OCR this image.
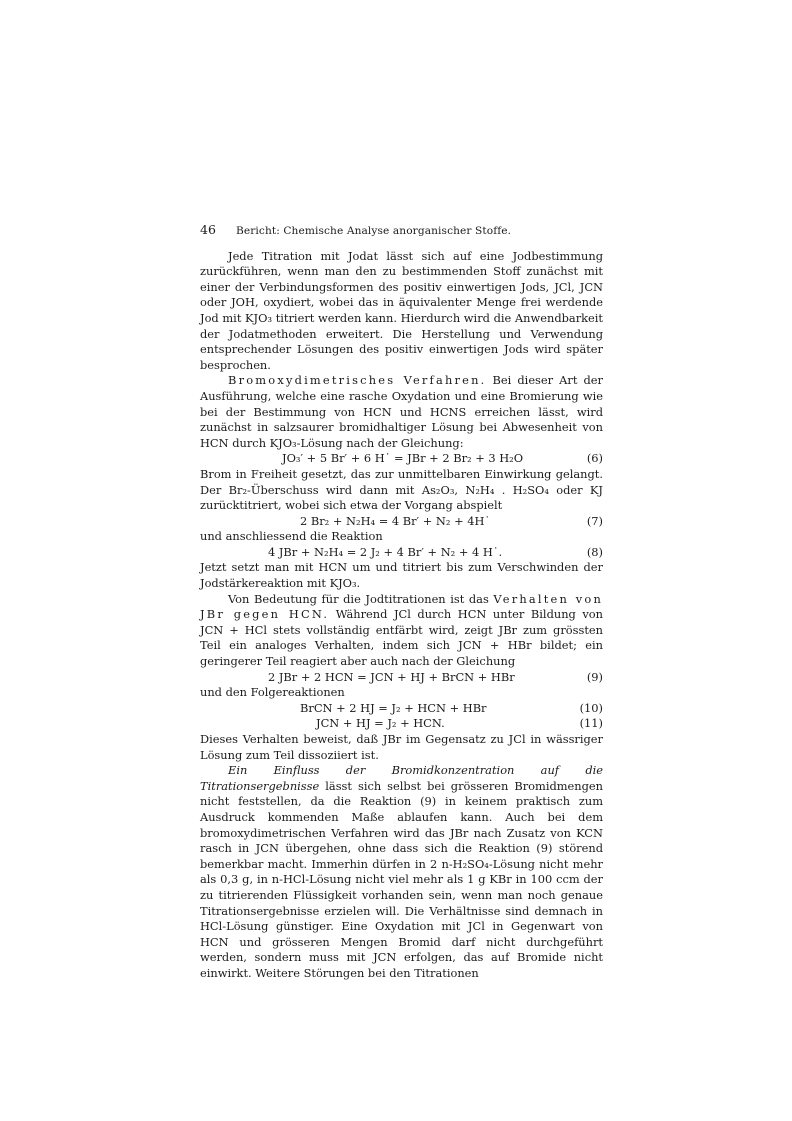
46	Bericht: Chemische Analyse anorganischer Stoffe.

Jede Titration mit Jodat lässt sich auf eine Jodbestimmung zurückführen, wenn man den zu bestimmenden Stoff zunächst mit einer der Verbindungsformen des positiv einwertigen Jods, JCl, JCN oder JOH, oxydiert, wobei das in äquivalenter Menge frei werdende Jod mit KJO₃ titriert werden kann. Hierdurch wird die Anwendbarkeit der Jodatmethoden erweitert. Die Herstellung und Verwendung entsprechender Lösungen des positiv einwertigen Jods wird später besprochen.

Bromoxydimetrisches Verfahren. Bei dieser Art der Ausführung, welche eine rasche Oxydation und eine Bromierung wie bei der Bestimmung von HCN und HCNS erreichen lässt, wird zunächst in salzsaurer bromidhaltiger Lösung bei Abwesenheit von HCN durch KJO₃-Lösung nach der Gleichung:

JO₃′ + 5 Br′ + 6 H˙ = JBr + 2 Br₂ + 3 H₂O	(6)

Brom in Freiheit gesetzt, das zur unmittelbaren Einwirkung gelangt. Der Br₂-Überschuss wird dann mit As₂O₃, N₂H₄ . H₂SO₄ oder KJ zurücktitriert, wobei sich etwa der Vorgang abspielt

2 Br₂ + N₂H₄ = 4 Br′ + N₂ + 4H˙	(7)

und anschliessend die Reaktion

4 JBr + N₂H₄ = 2 J₂ + 4 Br′ + N₂ + 4 H˙.	(8)

Jetzt setzt man mit HCN um und titriert bis zum Verschwinden der Jodstärkereaktion mit KJO₃.

Von Bedeutung für die Jodtitrationen ist das Verhalten von JBr gegen HCN. Während JCl durch HCN unter Bildung von JCN + HCl stets vollständig entfärbt wird, zeigt JBr zum grössten Teil ein analoges Verhalten, indem sich JCN + HBr bildet; ein geringerer Teil reagiert aber auch nach der Gleichung

2 JBr + 2 HCN = JCN + HJ + BrCN + HBr	(9)

und den Folgereaktionen

BrCN + 2 HJ = J₂ + HCN + HBr	(10)
JCN + HJ = J₂ + HCN.	(11)

Dieses Verhalten beweist, daß JBr im Gegensatz zu JCl in wässriger Lösung zum Teil dissoziiert ist.

Ein Einfluss der Bromidkonzentration auf die Titrationsergebnisse lässt sich selbst bei grösseren Bromidmengen nicht feststellen, da die Reaktion (9) in keinem praktisch zum Ausdruck kommenden Maße ablaufen kann. Auch bei dem bromoxydimetrischen Verfahren wird das JBr nach Zusatz von KCN rasch in JCN übergehen, ohne dass sich die Reaktion (9) störend bemerkbar macht. Immerhin dürfen in 2 n-H₂SO₄-Lösung nicht mehr als 0,3 g, in n-HCl-Lösung nicht viel mehr als 1 g KBr in 100 ccm der zu titrierenden Flüssigkeit vorhanden sein, wenn man noch genaue Titrationsergebnisse erzielen will. Die Verhältnisse sind demnach in HCl-Lösung günstiger. Eine Oxydation mit JCl in Gegenwart von HCN und grösseren Mengen Bromid darf nicht durchgeführt werden, sondern muss mit JCN erfolgen, das auf Bromide nicht einwirkt. Weitere Störungen bei den Titrationen
